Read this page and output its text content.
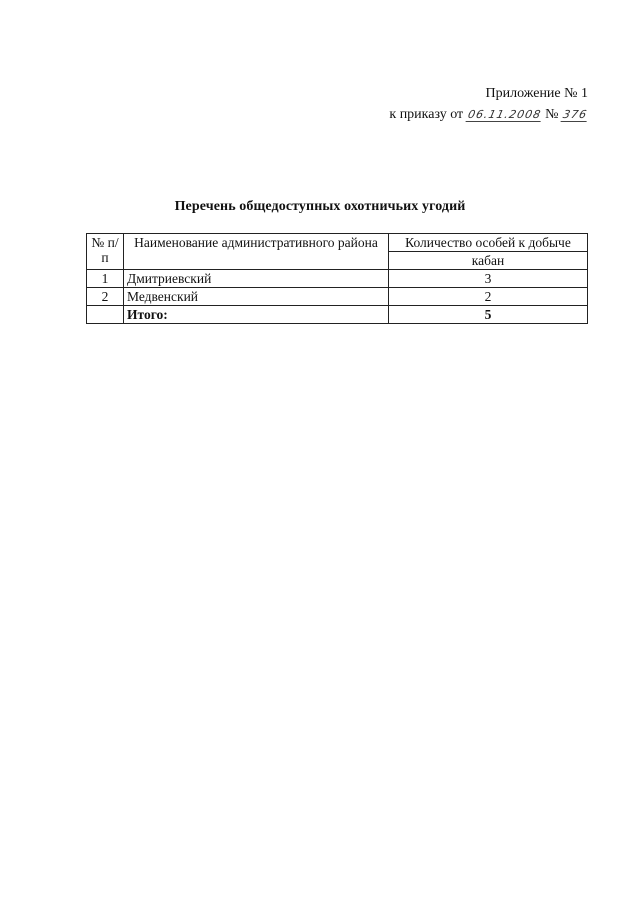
Приложение № 1
к приказу от 06.11.2008 № 376
Перечень общедоступных охотничьих угодий
№ п/п	Наименование административного района	Количество особей к добыче
		кабан
1	Дмитриевский	3
2	Медвенский	2
	Итого:	5
